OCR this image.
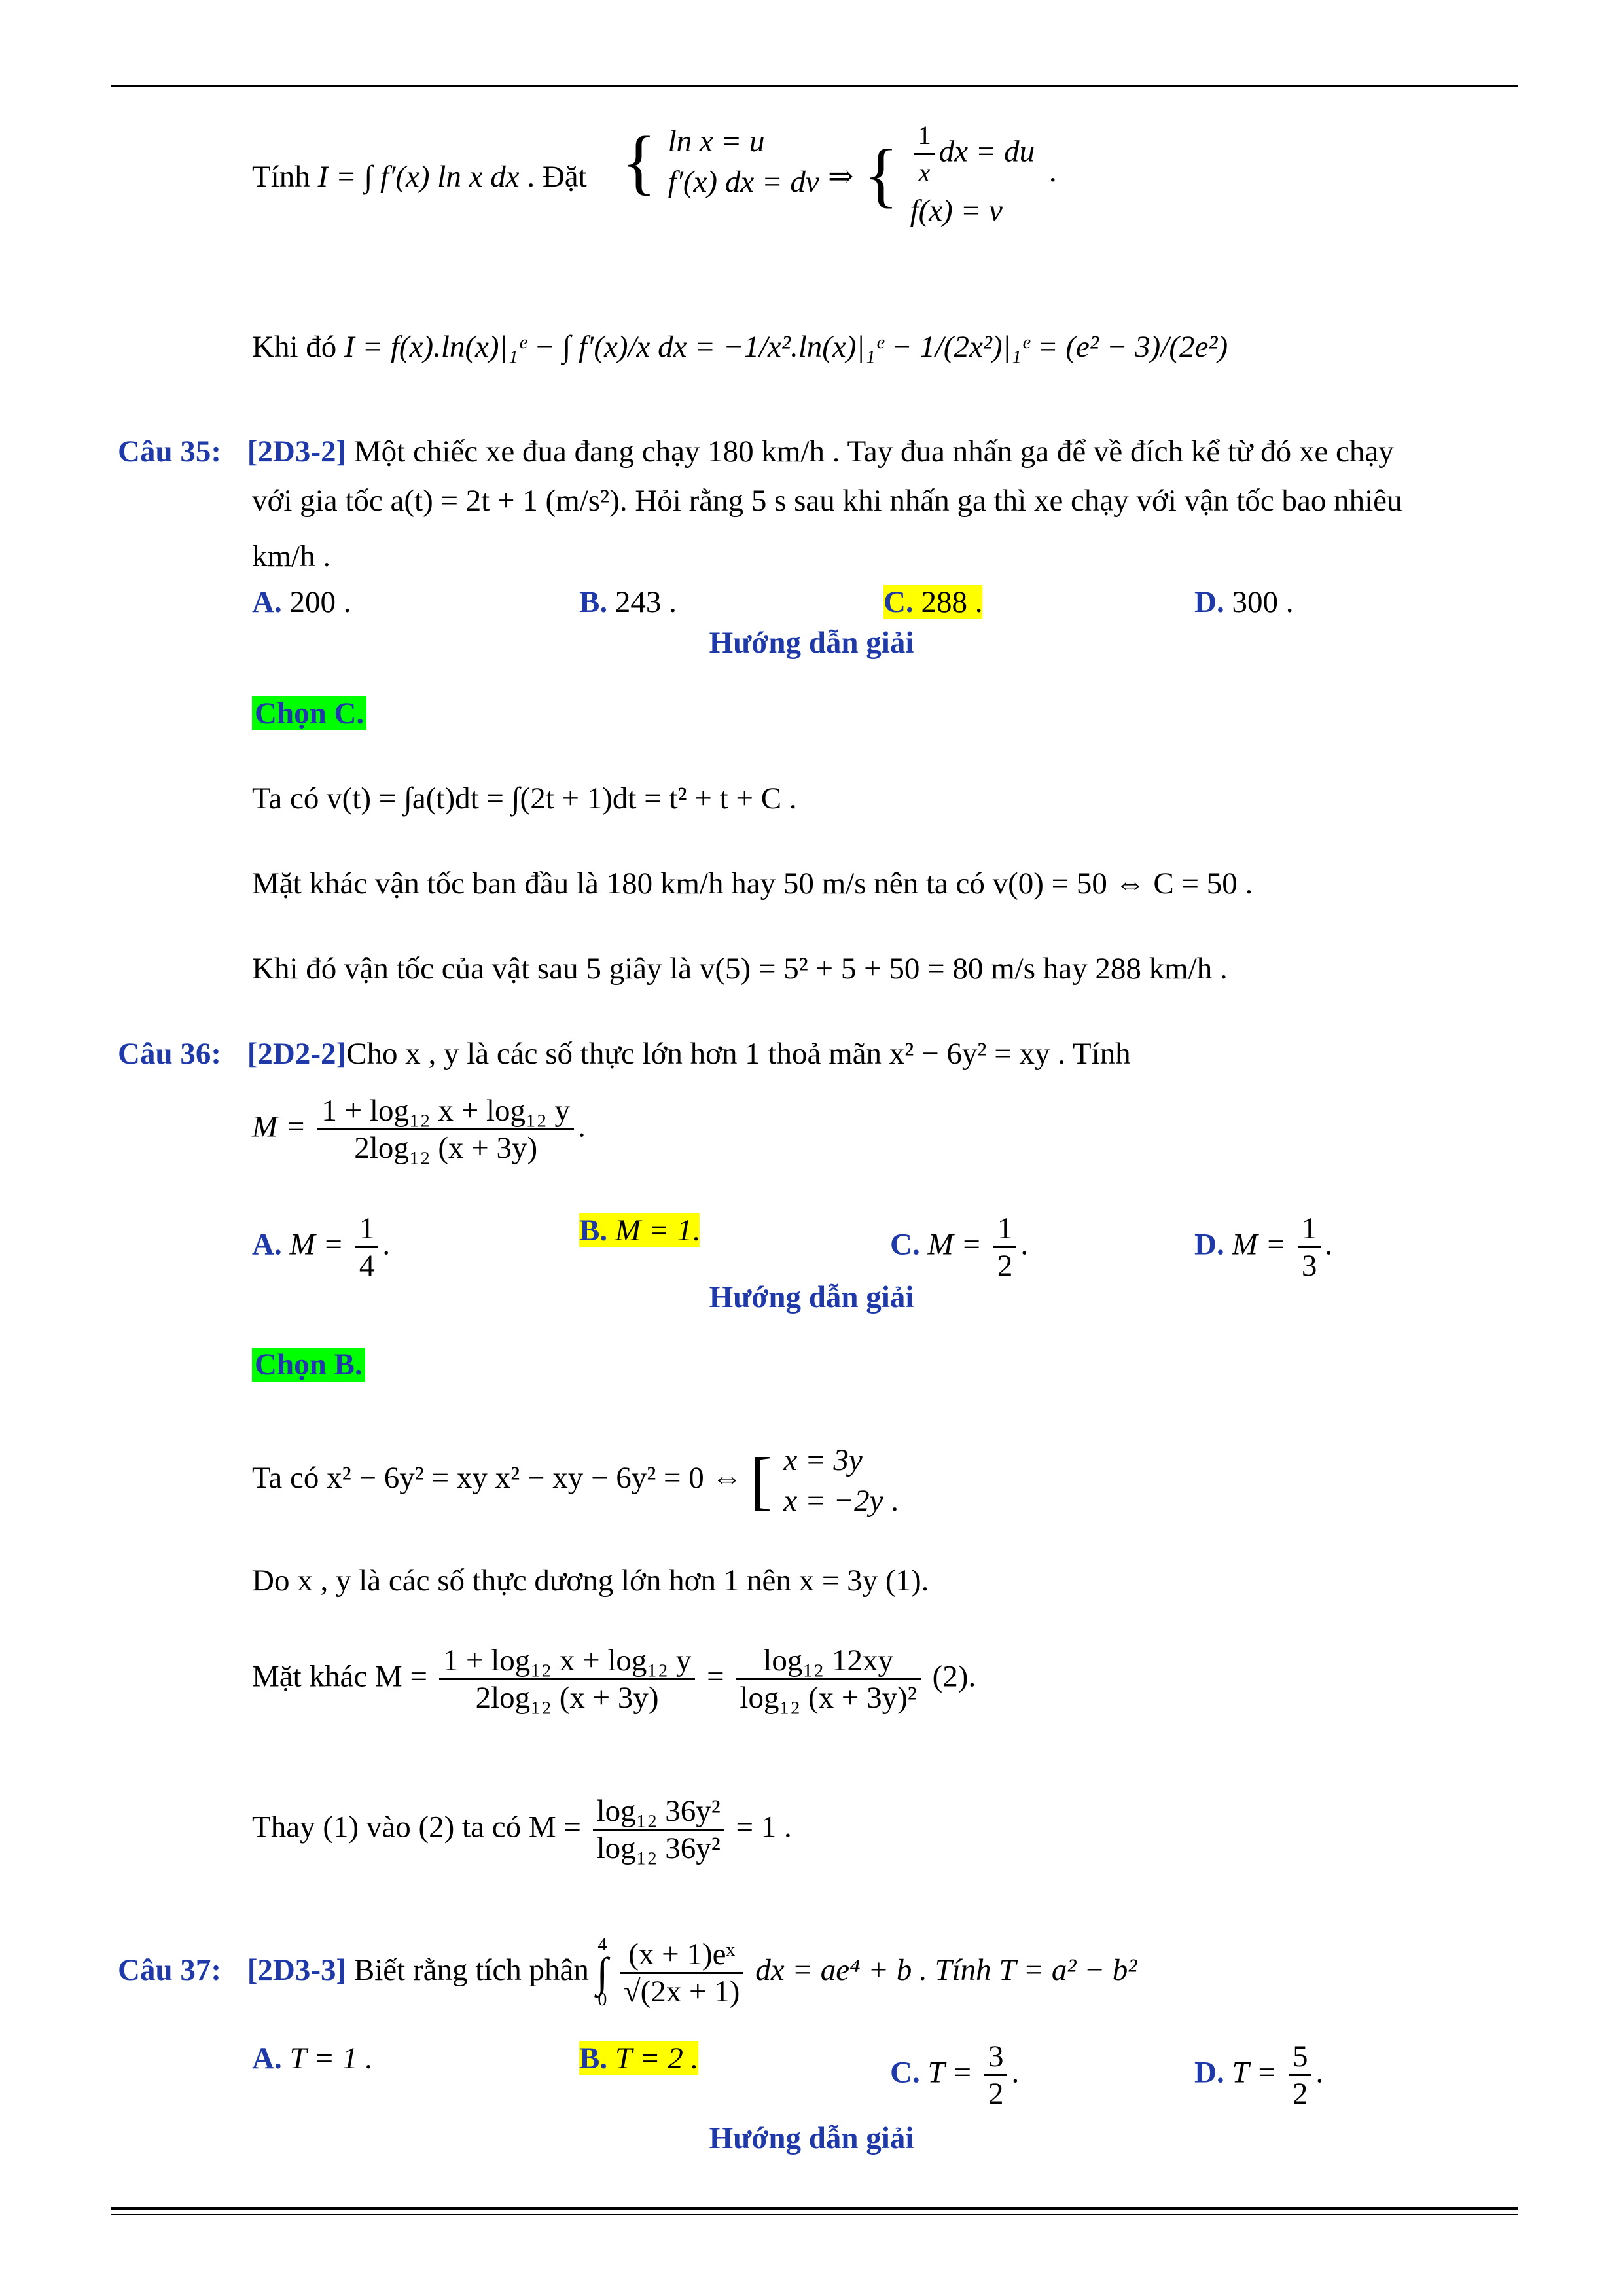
Tính I = ∫ f′(x) ln x dx . Đặt { ln x = u
f′(x) dx = dv ⇒ { $\frac{1}{x}$ dx = du
f(x) = v .
Khi đó I = f(x).ln(x)|₁ᵉ − ∫ f′(x)/x dx = −1/x².ln(x)|₁ᵉ − 1/(2x²)|₁ᵉ = (e² − 3)/(2e²)
Câu 35: [2D3-2] Một chiếc xe đua đang chạy 180 km/h . Tay đua nhấn ga để về đích kể từ đó xe chạy
với gia tốc a(t) = 2t + 1 (m/s²). Hỏi rằng 5 s sau khi nhấn ga thì xe chạy với vận tốc bao nhiêu
km/h .
A. 200 .	B. 243 .	C. 288 .	D. 300 .
Hướng dẫn giải
Chọn C.
Ta có v(t) = ∫a(t)dt = ∫(2t + 1)dt = t² + t + C .
Mặt khác vận tốc ban đầu là 180 km/h hay 50 m/s nên ta có v(0) = 50 ⇔ C = 50 .
Khi đó vận tốc của vật sau 5 giây là v(5) = 5² + 5 + 50 = 80 m/s hay 288 km/h .
Câu 36: [2D2-2]Cho x , y là các số thực lớn hơn 1 thoả mãn x² − 6y² = xy . Tính
$M = \frac{\text{1 + log₁₂ x + log₁₂ y}}{\text{2log₁₂ (x + 3y)}}$ .
A. $M = \frac{1}{4}$ .	B. M = 1.	C. $M = \frac{1}{2}$ .	D. $M = \frac{1}{3}$ .
Hướng dẫn giải
Chọn B.
Ta có x² − 6y² = xy x² − xy − 6y² = 0 ⇔ [ x = 3y
x = −2y .
Do x , y là các số thực dương lớn hơn 1 nên x = 3y (1).
Mặt khác $M = \frac{\text{1 + log₁₂ x + log₁₂ y}}{\text{2log₁₂ (x + 3y)}} = \frac{\text{log₁₂ 12xy}}{\text{log₁₂ (x + 3y)²}} (2)$.
Thay (1) vào (2) ta có $M = \frac{\text{log₁₂ 36y²}}{\text{log₁₂ 36y²}} = 1$ .
Câu 37: [2D3-3] Biết rằng tích phân 4
∫
$0 \frac{\text{(x + 1)eˣ}}{√(2x + 1)}$ dx = ae⁴ + b . Tính T = a² − b²
A. T = 1 .	B. T = 2 .	C. $T = \frac{3}{2}$ .	D. $T = \frac{5}{2}$ .
Hướng dẫn giải
